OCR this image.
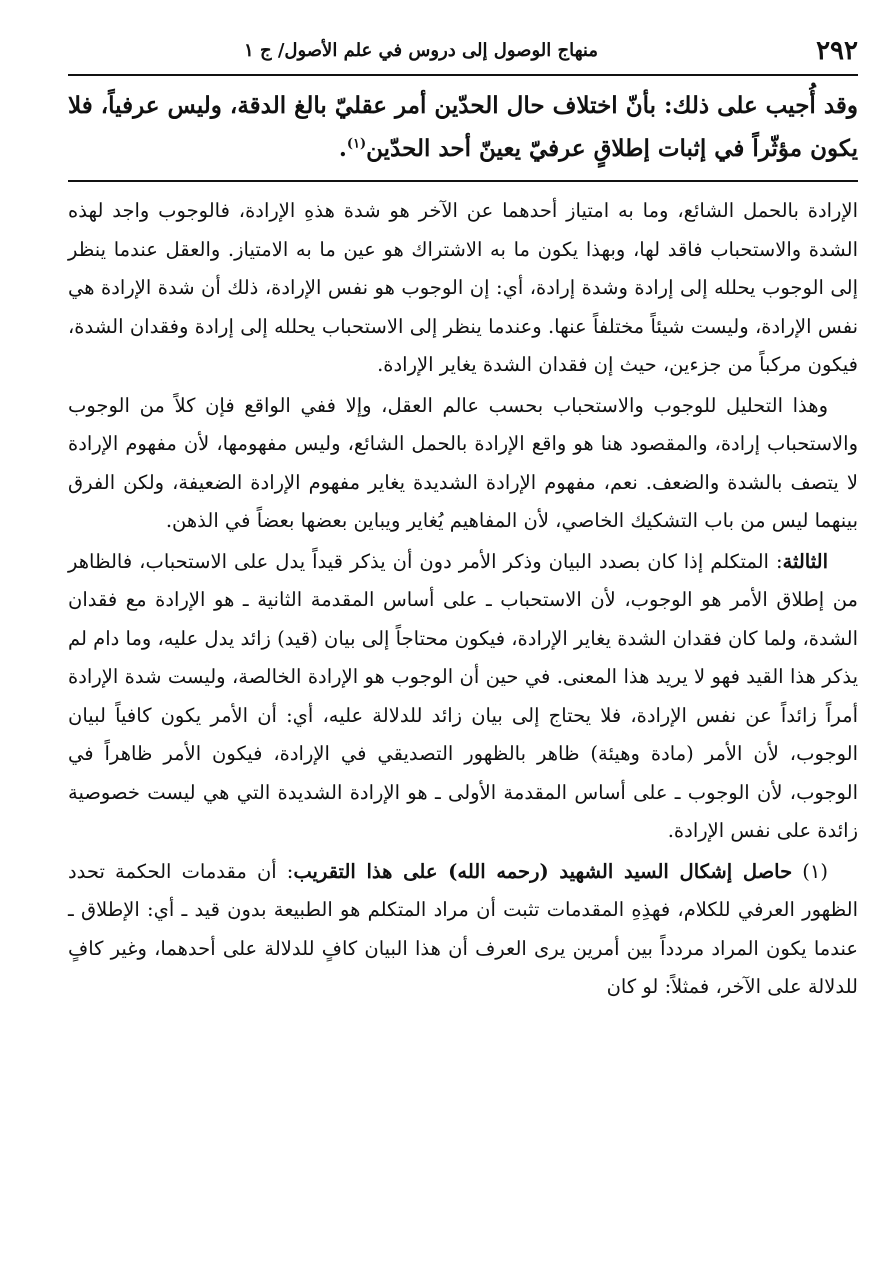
٢٩٢
منهاج الوصول إلى دروس في علم الأصول/ ج ١

وقد أُجيب على ذلك: بأنّ اختلاف حال الحدّين أمر عقليّ بالغ الدقة، وليس عرفياً، فلا يكون مؤثّراً في إثبات إطلاقٍ عرفيّ يعينّ أحد الحدّين$^{(١)}$.

الإرادة بالحمل الشائع، وما به امتياز أحدهما عن الآخر هو شدة هذهِ الإرادة، فالوجوب واجد لهذه الشدة والاستحباب فاقد لها، وبهذا يكون ما به الاشتراك هو عين ما به الامتياز. والعقل عندما ينظر إلى الوجوب يحلله إلى إرادة وشدة إرادة، أي: إن الوجوب هو نفس الإرادة، ذلك أن شدة الإرادة هي نفس الإرادة، وليست شيئاً مختلفاً عنها. وعندما ينظر إلى الاستحباب يحلله إلى إرادة وفقدان الشدة، فيكون مركباً من جزءين، حيث إن فقدان الشدة يغاير الإرادة.

وهذا التحليل للوجوب والاستحباب بحسب عالم العقل، وإلا ففي الواقع فإن كلاً من الوجوب والاستحباب إرادة، والمقصود هنا هو واقع الإرادة بالحمل الشائع، وليس مفهومها، لأن مفهوم الإرادة لا يتصف بالشدة والضعف. نعم، مفهوم الإرادة الشديدة يغاير مفهوم الإرادة الضعيفة، ولكن الفرق بينهما ليس من باب التشكيك الخاصي، لأن المفاهيم يُغاير ويباين بعضها بعضاً في الذهن.

الثالثة: المتكلم إذا كان بصدد البيان وذكر الأمر دون أن يذكر قيداً يدل على الاستحباب، فالظاهر من إطلاق الأمر هو الوجوب، لأن الاستحباب ـ على أساس المقدمة الثانية ـ هو الإرادة مع فقدان الشدة، ولما كان فقدان الشدة يغاير الإرادة، فيكون محتاجاً إلى بيان (قيد) زائد يدل عليه، وما دام لم يذكر هذا القيد فهو لا يريد هذا المعنى. في حين أن الوجوب هو الإرادة الخالصة، وليست شدة الإرادة أمراً زائداً عن نفس الإرادة، فلا يحتاج إلى بيان زائد للدلالة عليه، أي: أن الأمر يكون كافياً لبيان الوجوب، لأن الأمر (مادة وهيئة) ظاهر بالظهور التصديقي في الإرادة، فيكون الأمر ظاهراً في الوجوب، لأن الوجوب ـ على أساس المقدمة الأولى ـ هو الإرادة الشديدة التي هي ليست خصوصية زائدة على نفس الإرادة.

(١) حاصل إشكال السيد الشهيد (رحمه الله) على هذا التقريب: أن مقدمات الحكمة تحدد الظهور العرفي للكلام، فهذِهِ المقدمات تثبت أن مراد المتكلم هو الطبيعة بدون قيد ـ أي: الإطلاق ـ عندما يكون المراد مردداً بين أمرين يرى العرف أن هذا البيان كافٍ للدلالة على أحدهما، وغير كافٍ للدلالة على الآخر، فمثلاً: لو كان
